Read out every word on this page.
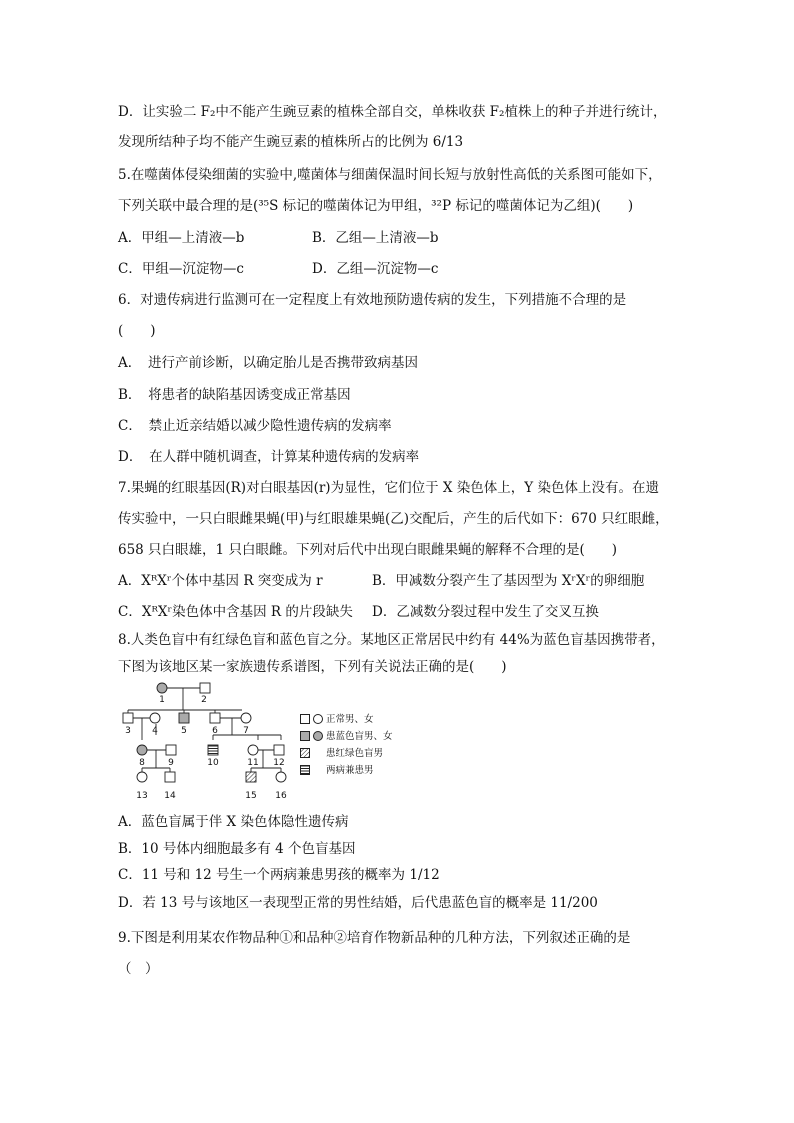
D．让实验二 F₂中不能产生豌豆素的植株全部自交，单株收获 F₂植株上的种子并进行统计，
发现所结种子均不能产生豌豆素的植株所占的比例为 6/13
5.在噬菌体侵染细菌的实验中,噬菌体与细菌保温时间长短与放射性高低的关系图可能如下，
下列关联中最合理的是(³⁵S 标记的噬菌体记为甲组，³²P 标记的噬菌体记为乙组)(　　)
A．甲组—上清液—b	B．乙组—上清液—b
C．甲组—沉淀物—c	D．乙组—沉淀物—c
6．对遗传病进行监测可在一定程度上有效地预防遗传病的发生，下列措施不合理的是
(　　)
A．　进行产前诊断，以确定胎儿是否携带致病基因
B．　将患者的缺陷基因诱变成正常基因
C．　禁止近亲结婚以减少隐性遗传病的发病率
D．　在人群中随机调查，计算某种遗传病的发病率
7.果蝇的红眼基因(R)对白眼基因(r)为显性，它们位于 X 染色体上，Y 染色体上没有。在遗
传实验中，一只白眼雌果蝇(甲)与红眼雄果蝇(乙)交配后，产生的后代如下：670 只红眼雌，
658 只白眼雄，1 只白眼雌。下列对后代中出现白眼雌果蝇的解释不合理的是(　　)
A．XᴿXʳ个体中基因 R 突变成为 r	B．甲减数分裂产生了基因型为 XʳXʳ的卵细胞
C．XᴿXʳ染色体中含基因 R 的片段缺失 D．乙减数分裂过程中发生了交叉互换
8.人类色盲中有红绿色盲和蓝色盲之分。某地区正常居民中约有 44%为蓝色盲基因携带者，
下图为该地区某一家族遗传系谱图，下列有关说法正确的是(　　)
1	2
3 4	5	6	7
8	9	10	11 12
13 14	15 16
正常男、女
患蓝色盲男、女
患红绿色盲男
两病兼患男
A．蓝色盲属于伴 X 染色体隐性遗传病
B．10 号体内细胞最多有 4 个色盲基因
C．11 号和 12 号生一个两病兼患男孩的概率为 1/12
D．若 13 号与该地区一表现型正常的男性结婚，后代患蓝色盲的概率是 11/200
9.下图是利用某农作物品种①和品种②培育作物新品种的几种方法，下列叙述正确的是
（　）
